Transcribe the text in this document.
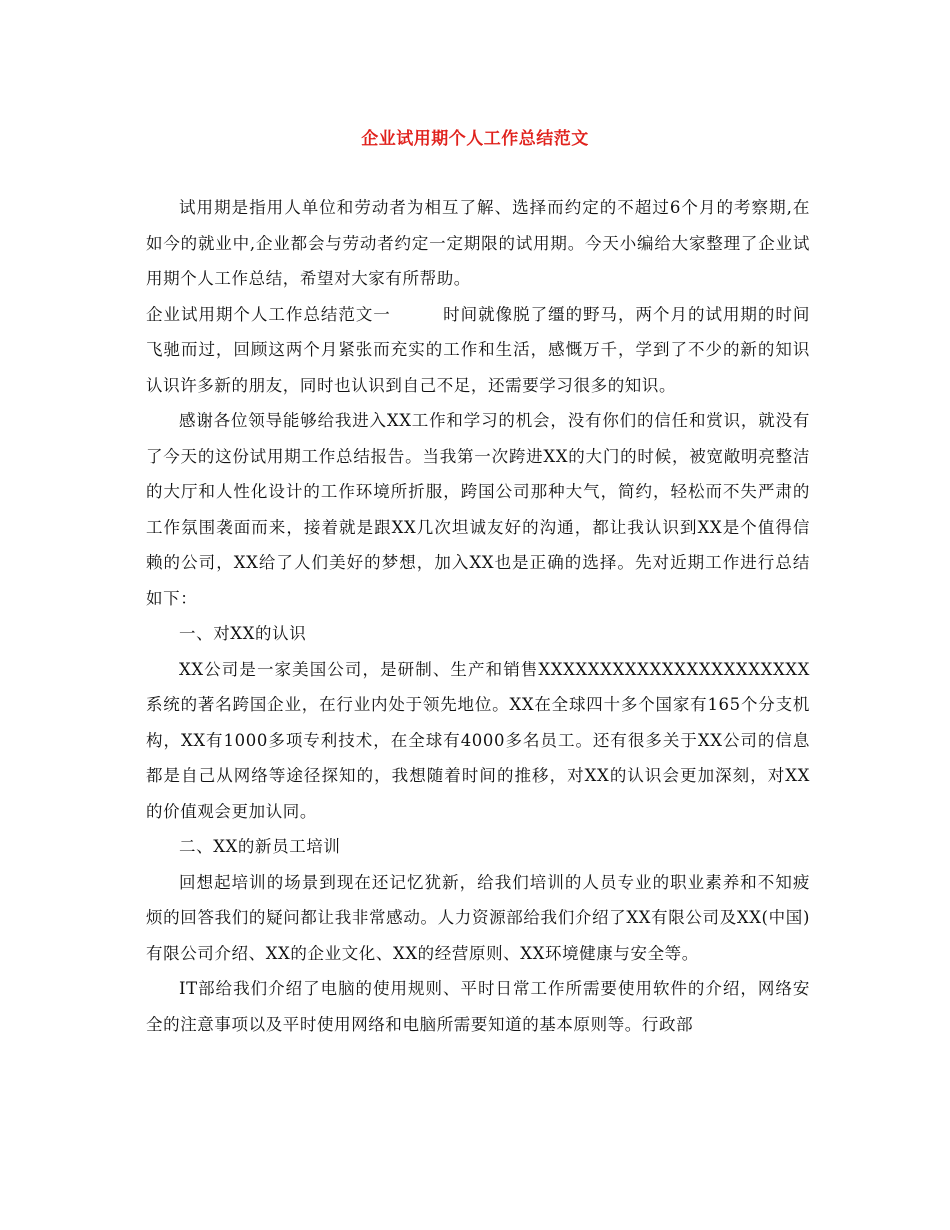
企业试用期个人工作总结范文

试用期是指用人单位和劳动者为相互了解、选择而约定的不超过6个月的考察期,在如今的就业中,企业都会与劳动者约定一定期限的试用期。今天小编给大家整理了企业试用期个人工作总结，希望对大家有所帮助。

企业试用期个人工作总结范文一	时间就像脱了缰的野马，两个月的试用期的时间飞驰而过，回顾这两个月紧张而充实的工作和生活，感慨万千，学到了不少的新的知识认识许多新的朋友，同时也认识到自己不足，还需要学习很多的知识。

感谢各位领导能够给我进入XX工作和学习的机会，没有你们的信任和赏识，就没有了今天的这份试用期工作总结报告。当我第一次跨进XX的大门的时候，被宽敞明亮整洁的大厅和人性化设计的工作环境所折服，跨国公司那种大气，简约，轻松而不失严肃的工作氛围袭面而来，接着就是跟XX几次坦诚友好的沟通，都让我认识到XX是个值得信赖的公司，XX给了人们美好的梦想，加入XX也是正确的选择。先对近期工作进行总结如下：

一、对XX的认识

XX公司是一家美国公司，是研制、生产和销售XXXXXXXXXXXXXXXXXXXXXX系统的著名跨国企业，在行业内处于领先地位。XX在全球四十多个国家有165个分支机构，XX有1000多项专利技术，在全球有4000多名员工。还有很多关于XX公司的信息都是自己从网络等途径探知的，我想随着时间的推移，对XX的认识会更加深刻，对XX的价值观会更加认同。

二、XX的新员工培训

回想起培训的场景到现在还记忆犹新，给我们培训的人员专业的职业素养和不知疲烦的回答我们的疑问都让我非常感动。人力资源部给我们介绍了XX有限公司及XX(中国)有限公司介绍、XX的企业文化、XX的经营原则、XX环境健康与安全等。

IT部给我们介绍了电脑的使用规则、平时日常工作所需要使用软件的介绍，网络安全的注意事项以及平时使用网络和电脑所需要知道的基本原则等。行政部
